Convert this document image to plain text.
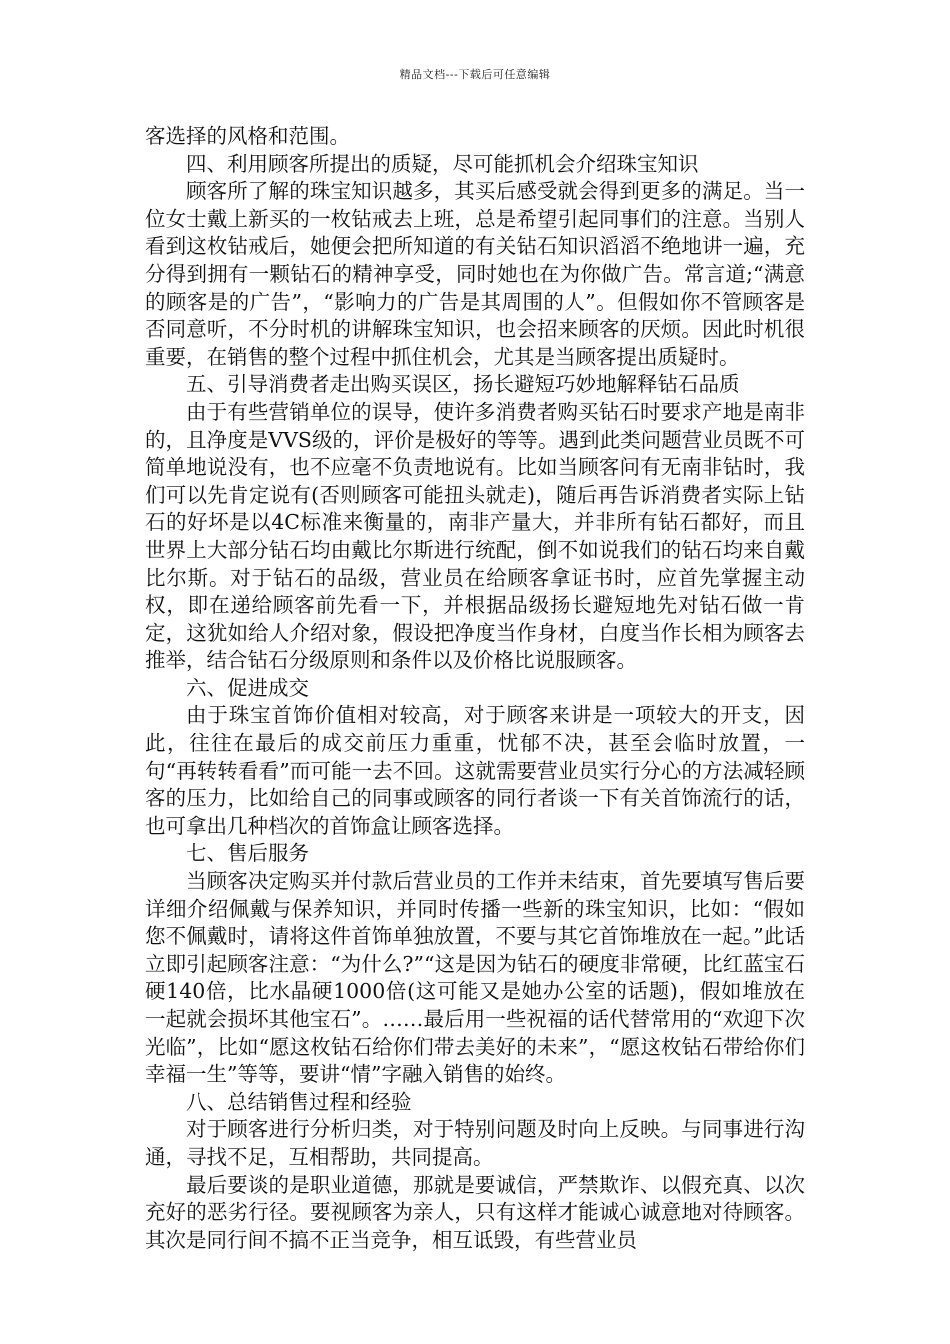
精品文档---下载后可任意编辑

客选择的风格和范围。

四、利用顾客所提出的质疑，尽可能抓机会介绍珠宝知识

顾客所了解的珠宝知识越多，其买后感受就会得到更多的满足。当一位女士戴上新买的一枚钻戒去上班，总是希望引起同事们的注意。当别人看到这枚钻戒后，她便会把所知道的有关钻石知识滔滔不绝地讲一遍，充分得到拥有一颗钻石的精神享受，同时她也在为你做广告。常言道;“满意的顾客是的广告”，“影响力的广告是其周围的人”。但假如你不管顾客是否同意听，不分时机的讲解珠宝知识，也会招来顾客的厌烦。因此时机很重要，在销售的整个过程中抓住机会，尤其是当顾客提出质疑时。

五、引导消费者走出购买误区，扬长避短巧妙地解释钻石品质

由于有些营销单位的误导，使许多消费者购买钻石时要求产地是南非的，且净度是VVS级的，评价是极好的等等。遇到此类问题营业员既不可简单地说没有，也不应毫不负责地说有。比如当顾客问有无南非钻时，我们可以先肯定说有(否则顾客可能扭头就走)，随后再告诉消费者实际上钻石的好坏是以4C标准来衡量的，南非产量大，并非所有钻石都好，而且世界上大部分钻石均由戴比尔斯进行统配，倒不如说我们的钻石均来自戴比尔斯。对于钻石的品级，营业员在给顾客拿证书时，应首先掌握主动权，即在递给顾客前先看一下，并根据品级扬长避短地先对钻石做一肯定，这犹如给人介绍对象，假设把净度当作身材，白度当作长相为顾客去推举，结合钻石分级原则和条件以及价格比说服顾客。

六、促进成交

由于珠宝首饰价值相对较高，对于顾客来讲是一项较大的开支，因此，往往在最后的成交前压力重重，忧郁不决，甚至会临时放置，一句“再转转看看”而可能一去不回。这就需要营业员实行分心的方法减轻顾客的压力，比如给自己的同事或顾客的同行者谈一下有关首饰流行的话，也可拿出几种档次的首饰盒让顾客选择。

七、售后服务

当顾客决定购买并付款后营业员的工作并未结束，首先要填写售后要详细介绍佩戴与保养知识，并同时传播一些新的珠宝知识，比如：“假如您不佩戴时，请将这件首饰单独放置，不要与其它首饰堆放在一起。”此话立即引起顾客注意：“为什么?”“这是因为钻石的硬度非常硬，比红蓝宝石硬140倍，比水晶硬1000倍(这可能又是她办公室的话题)，假如堆放在一起就会损坏其他宝石”。……最后用一些祝福的话代替常用的“欢迎下次光临”，比如“愿这枚钻石给你们带去美好的未来”，“愿这枚钻石带给你们幸福一生”等等，要讲“情”字融入销售的始终。

八、总结销售过程和经验

对于顾客进行分析归类，对于特别问题及时向上反映。与同事进行沟通，寻找不足，互相帮助，共同提高。

最后要谈的是职业道德，那就是要诚信，严禁欺诈、以假充真、以次充好的恶劣行径。要视顾客为亲人，只有这样才能诚心诚意地对待顾客。其次是同行间不搞不正当竞争，相互诋毁，有些营业员
